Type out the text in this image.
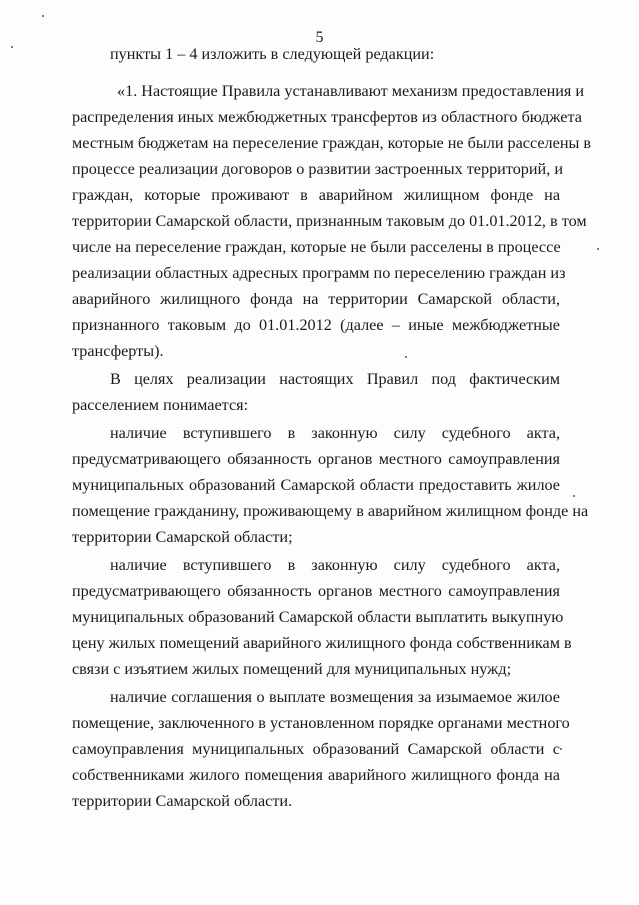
5
пункты 1 – 4 изложить в следующей редакции:
«1. Настоящие Правила устанавливают механизм предоставления и
распределения иных межбюджетных трансфертов из областного бюджета
местным бюджетам на переселение граждан, которые не были расселены в
процессе реализации договоров о развитии застроенных территорий, и
граждан, которые проживают в аварийном жилищном фонде на
территории Самарской области, признанным таковым до 01.01.2012, в том
числе на переселение граждан, которые не были расселены в процессе
реализации областных адресных программ по переселению граждан из
аварийного жилищного фонда на территории Самарской области,
признанного таковым до 01.01.2012 (далее – иные межбюджетные
трансферты).
В целях реализации настоящих Правил под фактическим
расселением понимается:
наличие вступившего в законную силу судебного акта,
предусматривающего обязанность органов местного самоуправления
муниципальных образований Самарской области предоставить жилое
помещение гражданину, проживающему в аварийном жилищном фонде на
территории Самарской области;
наличие вступившего в законную силу судебного акта,
предусматривающего обязанность органов местного самоуправления
муниципальных образований Самарской области выплатить выкупную
цену жилых помещений аварийного жилищного фонда собственникам в
связи с изъятием жилых помещений для муниципальных нужд;
наличие соглашения о выплате возмещения за изымаемое жилое
помещение, заключенного в установленном порядке органами местного
самоуправления муниципальных образований Самарской области с
собственниками жилого помещения аварийного жилищного фонда на
территории Самарской области.
